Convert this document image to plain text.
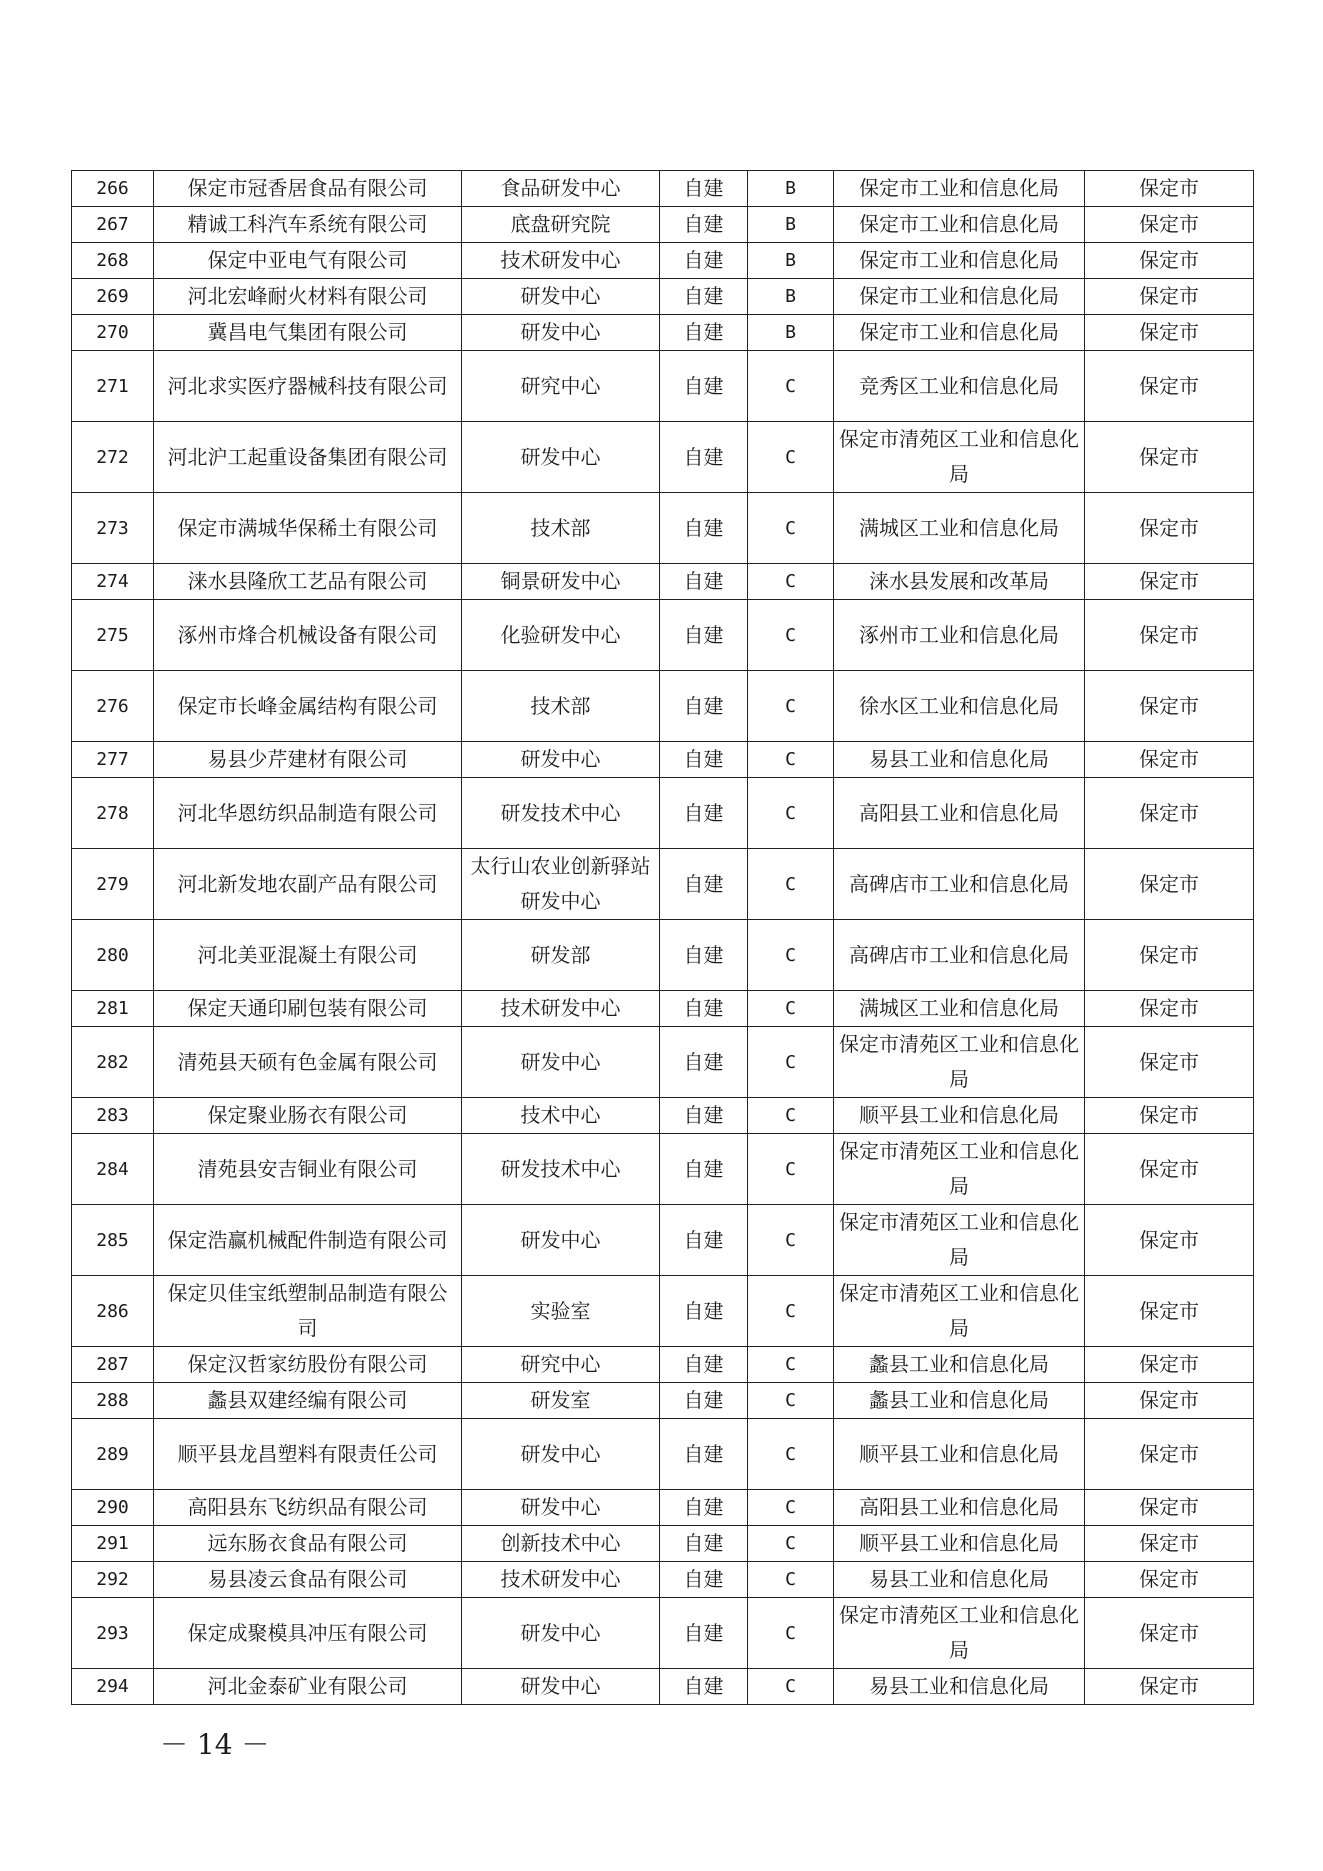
266	保定市冠香居食品有限公司	食品研发中心	自建	B	保定市工业和信息化局	保定市
267	精诚工科汽车系统有限公司	底盘研究院	自建	B	保定市工业和信息化局	保定市
268	保定中亚电气有限公司	技术研发中心	自建	B	保定市工业和信息化局	保定市
269	河北宏峰耐火材料有限公司	研发中心	自建	B	保定市工业和信息化局	保定市
270	冀昌电气集团有限公司	研发中心	自建	B	保定市工业和信息化局	保定市
271	河北求实医疗器械科技有限公司	研究中心	自建	C	竞秀区工业和信息化局	保定市
272	河北沪工起重设备集团有限公司	研发中心	自建	C	保定市清苑区工业和信息化局	保定市
273	保定市满城华保稀土有限公司	技术部	自建	C	满城区工业和信息化局	保定市
274	涞水县隆欣工艺品有限公司	铜景研发中心	自建	C	涞水县发展和改革局	保定市
275	涿州市烽合机械设备有限公司	化验研发中心	自建	C	涿州市工业和信息化局	保定市
276	保定市长峰金属结构有限公司	技术部	自建	C	徐水区工业和信息化局	保定市
277	易县少芹建材有限公司	研发中心	自建	C	易县工业和信息化局	保定市
278	河北华恩纺织品制造有限公司	研发技术中心	自建	C	高阳县工业和信息化局	保定市
279	河北新发地农副产品有限公司	太行山农业创新驿站研发中心	自建	C	高碑店市工业和信息化局	保定市
280	河北美亚混凝土有限公司	研发部	自建	C	高碑店市工业和信息化局	保定市
281	保定天通印刷包装有限公司	技术研发中心	自建	C	满城区工业和信息化局	保定市
282	清苑县天硕有色金属有限公司	研发中心	自建	C	保定市清苑区工业和信息化局	保定市
283	保定聚业肠衣有限公司	技术中心	自建	C	顺平县工业和信息化局	保定市
284	清苑县安吉铜业有限公司	研发技术中心	自建	C	保定市清苑区工业和信息化局	保定市
285	保定浩赢机械配件制造有限公司	研发中心	自建	C	保定市清苑区工业和信息化局	保定市
286	保定贝佳宝纸塑制品制造有限公司	实验室	自建	C	保定市清苑区工业和信息化局	保定市
287	保定汉哲家纺股份有限公司	研究中心	自建	C	蠡县工业和信息化局	保定市
288	蠡县双建经编有限公司	研发室	自建	C	蠡县工业和信息化局	保定市
289	顺平县龙昌塑料有限责任公司	研发中心	自建	C	顺平县工业和信息化局	保定市
290	高阳县东飞纺织品有限公司	研发中心	自建	C	高阳县工业和信息化局	保定市
291	远东肠衣食品有限公司	创新技术中心	自建	C	顺平县工业和信息化局	保定市
292	易县凌云食品有限公司	技术研发中心	自建	C	易县工业和信息化局	保定市
293	保定成聚模具冲压有限公司	研发中心	自建	C	保定市清苑区工业和信息化局	保定市
294	河北金泰矿业有限公司	研发中心	自建	C	易县工业和信息化局	保定市
－ 14 －
